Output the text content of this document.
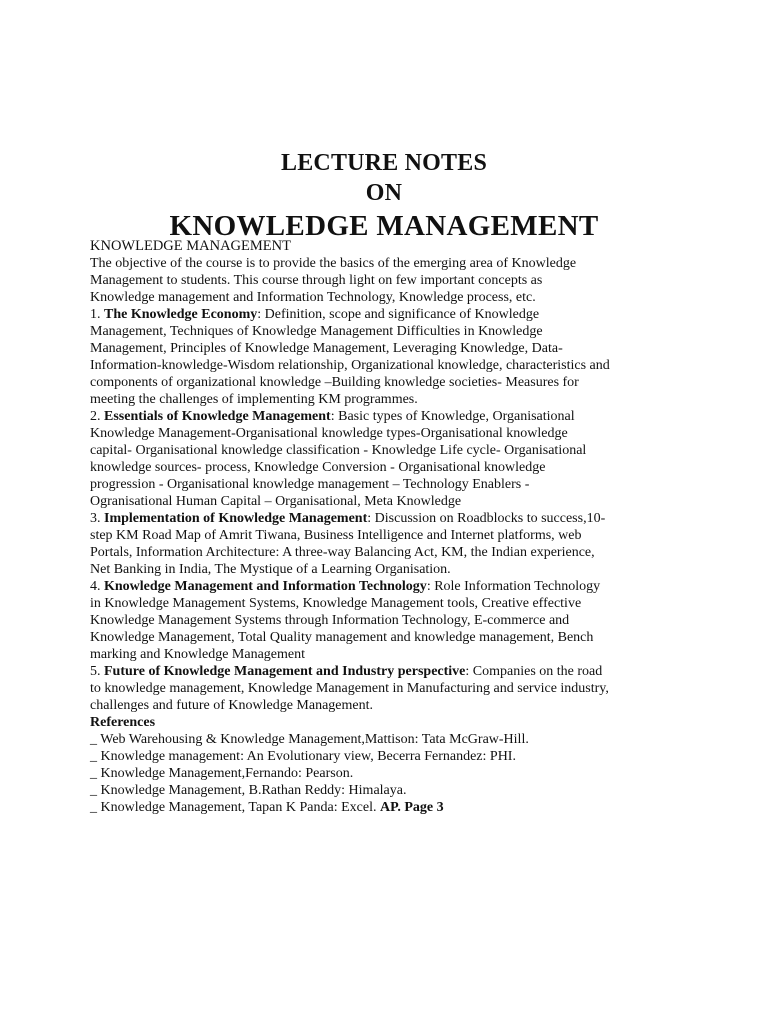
LECTURE NOTES

ON

KNOWLEDGE MANAGEMENT

KNOWLEDGE MANAGEMENT

The objective of the course is to provide the basics of the emerging area of Knowledge Management to students. This course through light on few important concepts as Knowledge management and Information Technology, Knowledge process, etc.

1. The Knowledge Economy: Definition, scope and significance of Knowledge Management, Techniques of Knowledge Management Difficulties in Knowledge Management, Principles of Knowledge Management, Leveraging Knowledge, Data-Information-knowledge-Wisdom relationship, Organizational knowledge, characteristics and components of organizational knowledge –Building knowledge societies- Measures for meeting the challenges of implementing KM programmes.

2. Essentials of Knowledge Management: Basic types of Knowledge, Organisational Knowledge Management-Organisational knowledge types-Organisational knowledge capital- Organisational knowledge classification - Knowledge Life cycle- Organisational knowledge sources- process, Knowledge Conversion - Organisational knowledge progression - Organisational knowledge management – Technology Enablers - Ogranisational Human Capital – Organisational, Meta Knowledge

3. Implementation of Knowledge Management: Discussion on Roadblocks to success,10-step KM Road Map of Amrit Tiwana, Business Intelligence and Internet platforms, web Portals, Information Architecture: A three-way Balancing Act, KM, the Indian experience, Net Banking in India, The Mystique of a Learning Organisation.

4. Knowledge Management and Information Technology: Role Information Technology in Knowledge Management Systems, Knowledge Management tools, Creative effective Knowledge Management Systems through Information Technology, E-commerce and Knowledge Management, Total Quality management and knowledge management, Bench marking and Knowledge Management

5. Future of Knowledge Management and Industry perspective: Companies on the road to knowledge management, Knowledge Management in Manufacturing and service industry, challenges and future of Knowledge Management.

References

_ Web Warehousing & Knowledge Management,Mattison: Tata McGraw-Hill.

_ Knowledge management: An Evolutionary view, Becerra Fernandez: PHI.

_ Knowledge Management,Fernando: Pearson.

_ Knowledge Management, B.Rathan Reddy: Himalaya.

_ Knowledge Management, Tapan K Panda: Excel. AP. Page 3
